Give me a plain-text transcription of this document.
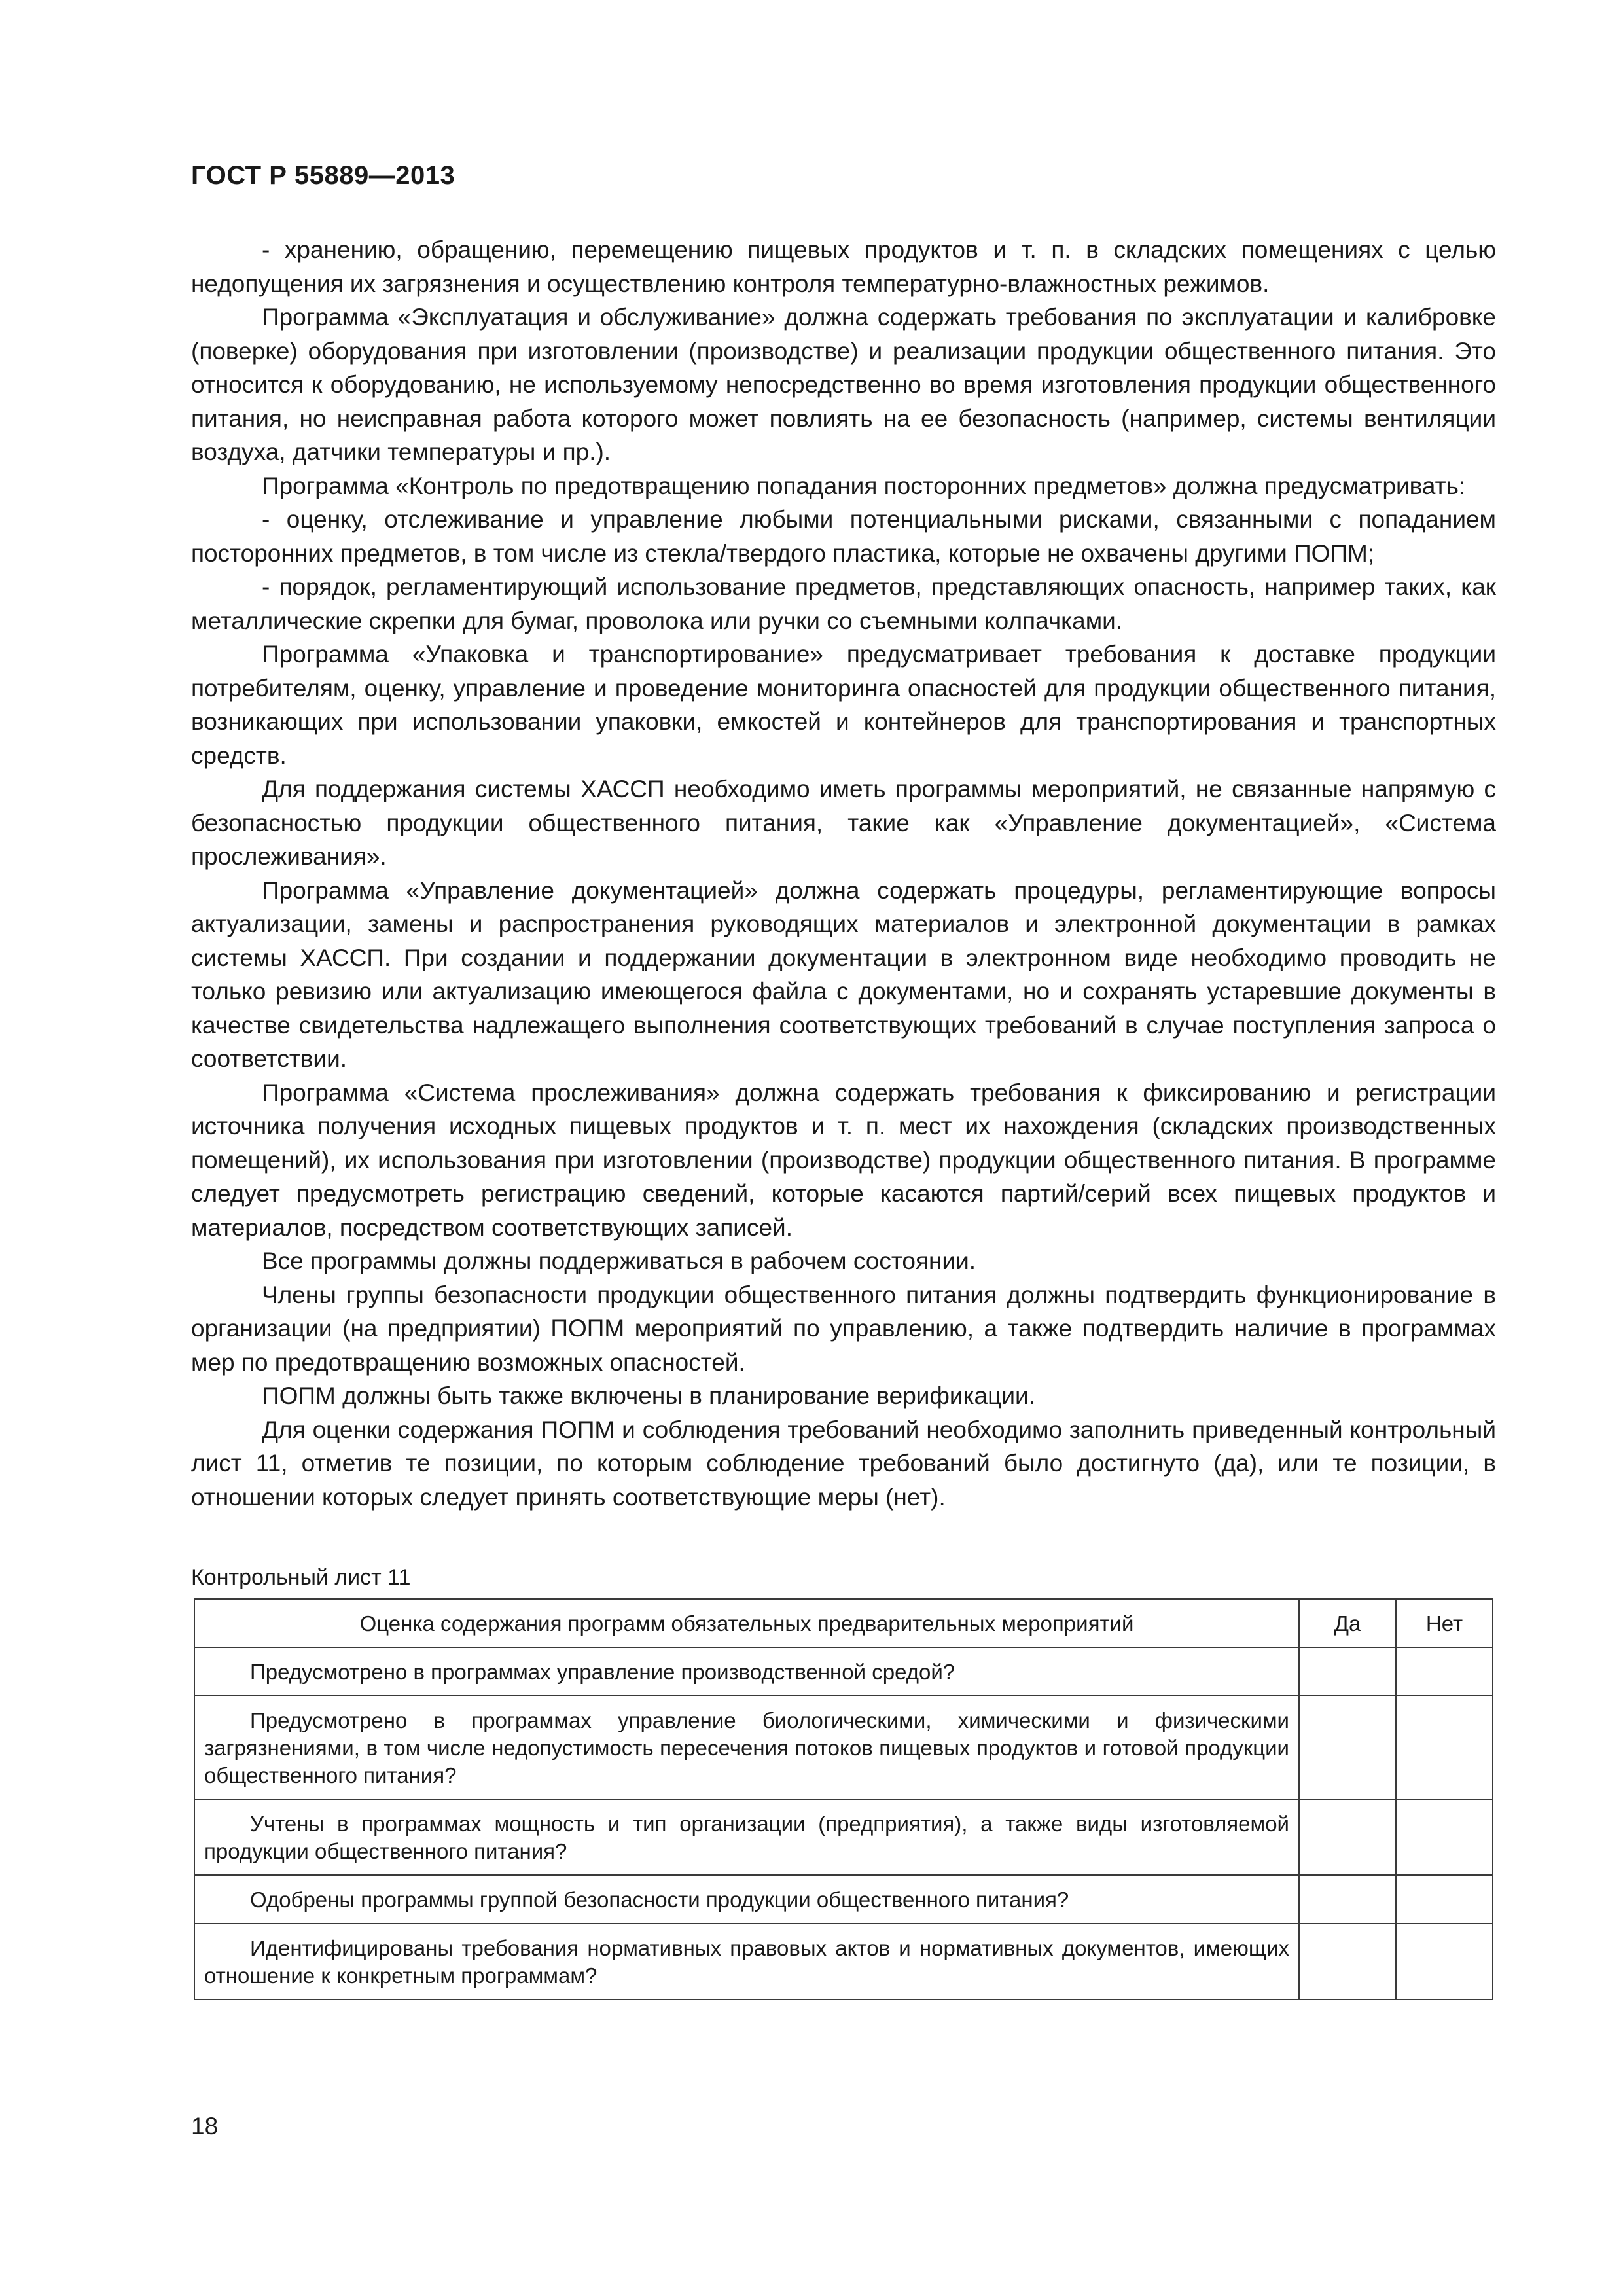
ГОСТ Р 55889—2013

- хранению, обращению, перемещению пищевых продуктов и т. п. в складских помещениях с целью недопущения их загрязнения и осуществлению контроля температурно-влажностных режимов.

Программа «Эксплуатация и обслуживание» должна содержать требования по эксплуатации и калибровке (поверке) оборудования при изготовлении (производстве) и реализации продукции общественного питания. Это относится к оборудованию, не используемому непосредственно во время изготовления продукции общественного питания, но неисправная работа которого может повлиять на ее безопасность (например, системы вентиляции воздуха, датчики температуры и пр.).

Программа «Контроль по предотвращению попадания посторонних предметов» должна предусматривать:

- оценку, отслеживание и управление любыми потенциальными рисками, связанными с попаданием посторонних предметов, в том числе из стекла/твердого пластика, которые не охвачены другими ПОПМ;

- порядок, регламентирующий использование предметов, представляющих опасность, например таких, как металлические скрепки для бумаг, проволока или ручки со съемными колпачками.

Программа «Упаковка и транспортирование» предусматривает требования к доставке продукции потребителям, оценку, управление и проведение мониторинга опасностей для продукции общественного питания, возникающих при использовании упаковки, емкостей и контейнеров для транспортирования и транспортных средств.

Для поддержания системы ХАССП необходимо иметь программы мероприятий, не связанные напрямую с безопасностью продукции общественного питания, такие как «Управление документацией», «Система прослеживания».

Программа «Управление документацией» должна содержать процедуры, регламентирующие вопросы актуализации, замены и распространения руководящих материалов и электронной документации в рамках системы ХАССП. При создании и поддержании документации в электронном виде необходимо проводить не только ревизию или актуализацию имеющегося файла с документами, но и сохранять устаревшие документы в качестве свидетельства надлежащего выполнения соответствующих требований в случае поступления запроса о соответствии.

Программа «Система прослеживания» должна содержать требования к фиксированию и регистрации источника получения исходных пищевых продуктов и т. п. мест их нахождения (складских производственных помещений), их использования при изготовлении (производстве) продукции общественного питания. В программе следует предусмотреть регистрацию сведений, которые касаются партий/серий всех пищевых продуктов и материалов, посредством соответствующих записей.

Все программы должны поддерживаться в рабочем состоянии.

Члены группы безопасности продукции общественного питания должны подтвердить функционирование в организации (на предприятии) ПОПМ мероприятий по управлению, а также подтвердить наличие в программах мер по предотвращению возможных опасностей.

ПОПМ должны быть также включены в планирование верификации.

Для оценки содержания ПОПМ и соблюдения требований необходимо заполнить приведенный контрольный лист 11, отметив те позиции, по которым соблюдение требований было достигнуто (да), или те позиции, в отношении которых следует принять соответствующие меры (нет).

Контрольный лист 11
Оценка содержания программ обязательных предварительных мероприятий	Да	Нет
Предусмотрено в программах управление производственной средой?		
Предусмотрено в программах управление биологическими, химическими и физическими загрязнениями, в том числе недопустимость пересечения потоков пищевых продуктов и готовой продукции общественного питания?		
Учтены в программах мощность и тип организации (предприятия), а также виды изготовляемой продукции общественного питания?		
Одобрены программы группой безопасности продукции общественного питания?		
Идентифицированы требования нормативных правовых актов и нормативных документов, имеющих отношение к конкретным программам?		
18
